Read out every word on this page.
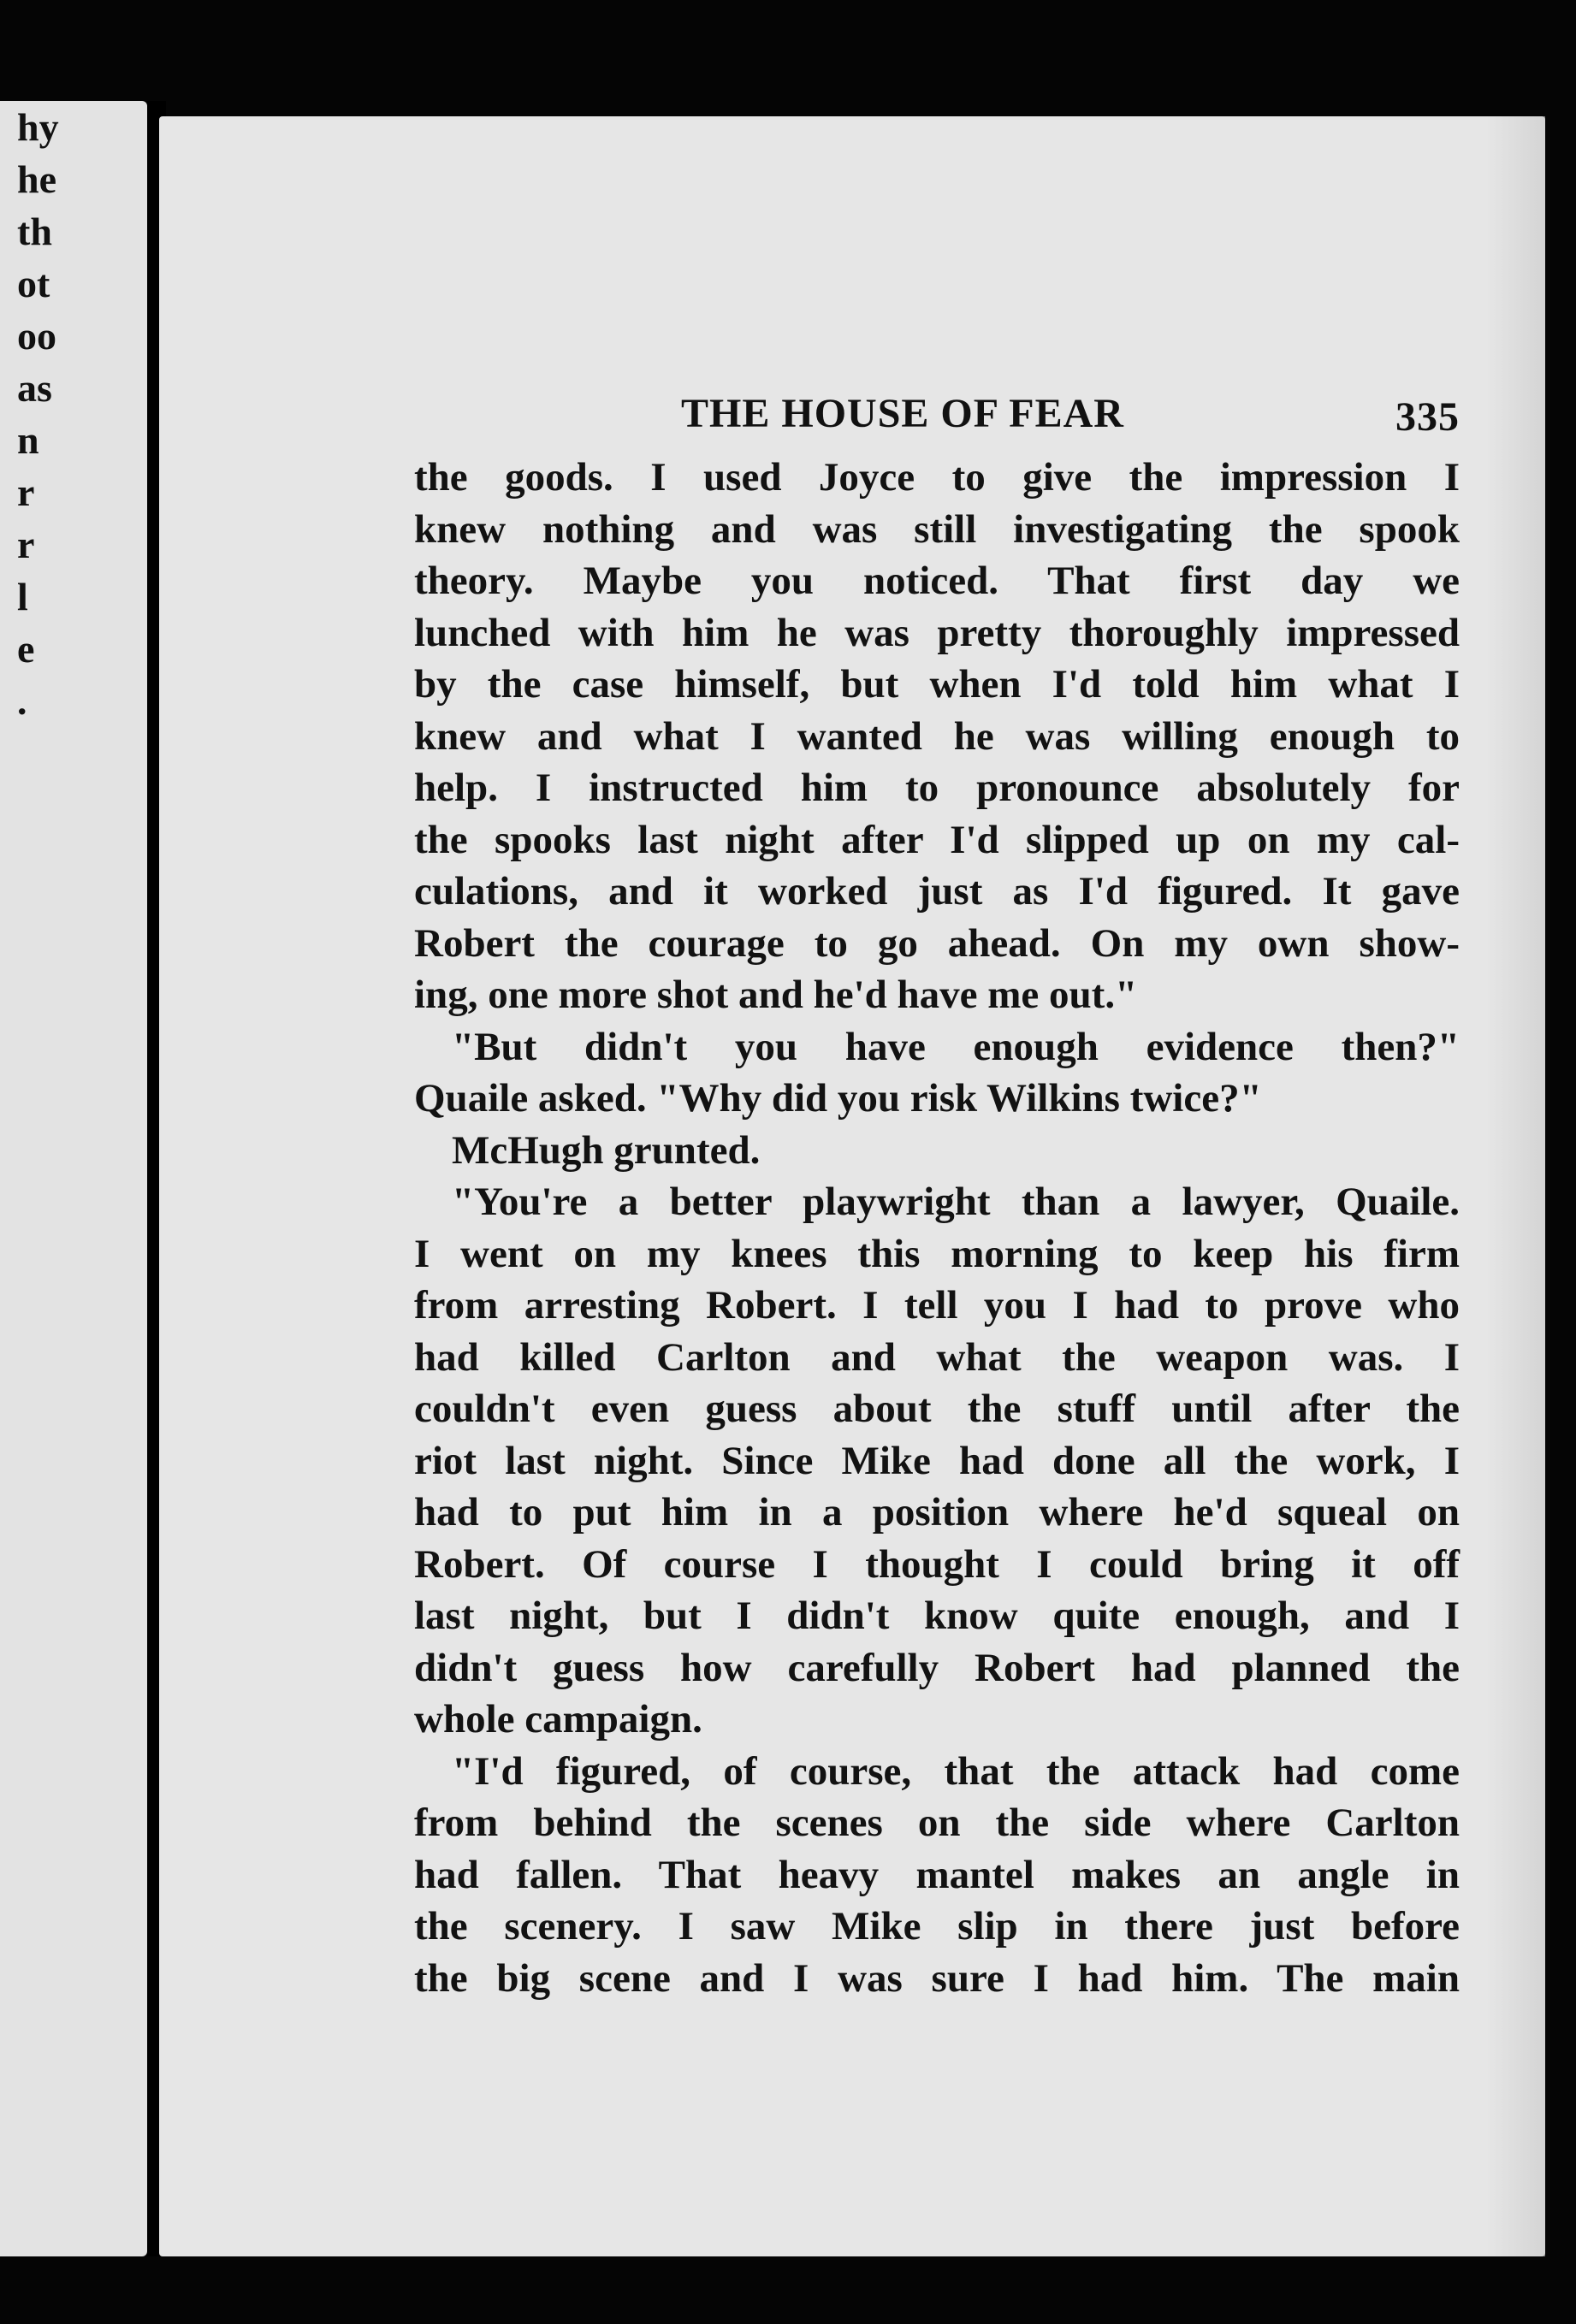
hy
he
th
ot
oo
as
n
r
r
l
e
.
THE HOUSE OF FEAR	335
the goods. I used Joyce to give the impression I
knew nothing and was still investigating the spook
theory. Maybe you noticed. That first day we
lunched with him he was pretty thoroughly impressed
by the case himself, but when I'd told him what I
knew and what I wanted he was willing enough to
help. I instructed him to pronounce absolutely for
the spooks last night after I'd slipped up on my cal-
culations, and it worked just as I'd figured. It gave
Robert the courage to go ahead. On my own show-
ing, one more shot and he'd have me out."
"But didn't you have enough evidence then?"
Quaile asked. "Why did you risk Wilkins twice?"
McHugh grunted.
"You're a better playwright than a lawyer, Quaile.
I went on my knees this morning to keep his firm
from arresting Robert. I tell you I had to prove who
had killed Carlton and what the weapon was. I
couldn't even guess about the stuff until after the
riot last night. Since Mike had done all the work, I
had to put him in a position where he'd squeal on
Robert. Of course I thought I could bring it off
last night, but I didn't know quite enough, and I
didn't guess how carefully Robert had planned the
whole campaign.
"I'd figured, of course, that the attack had come
from behind the scenes on the side where Carlton
had fallen. That heavy mantel makes an angle in
the scenery. I saw Mike slip in there just before
the big scene and I was sure I had him. The main
